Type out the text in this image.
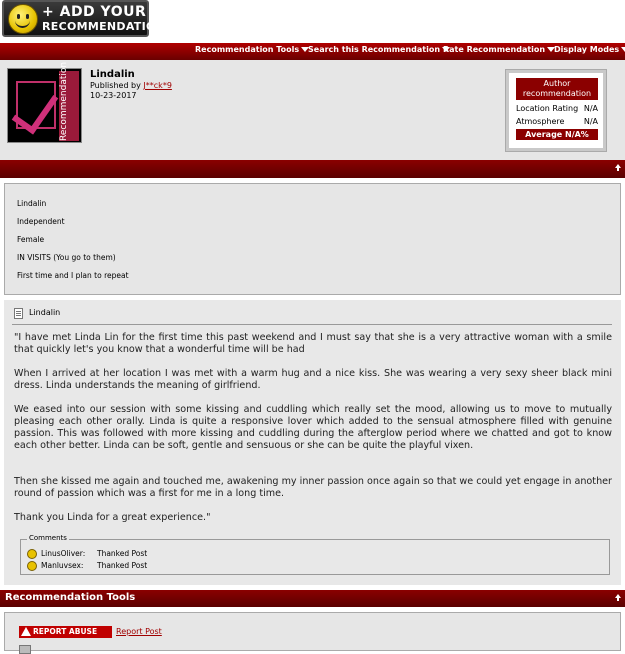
+ ADD YOUR
RECOMMENDATION
Recommendation Tools	Search this Recommendation Rate Recommendation	Display Modes
Recommendation	Lindalin
Published by J**ck*9
10-23-2017
Author recommendation
Location Rating N/A
Atmosphere N/A
Average N/A%
Lindalin
Independent
Female
IN VISITS (You go to them)
First time and I plan to repeat
Lindalin
"I have met Linda Lin for the first time this past weekend and I must say that she is a very attractive woman with a smile that quickly let's you know that a wonderful time will be had
When I arrived at her location I was met with a warm hug and a nice kiss. She was wearing a very sexy sheer black mini dress. Linda understands the meaning of girlfriend.
We eased into our session with some kissing and cuddling which really set the mood, allowing us to move to mutually pleasing each other orally. Linda is quite a responsive lover which added to the sensual atmosphere filled with genuine passion. This was followed with more kissing and cuddling during the afterglow period where we chatted and got to know each other better. Linda can be soft, gentle and sensuous or she can be quite the playful vixen.
Then she kissed me again and touched me, awakening my inner passion once again so that we could yet engage in another round of passion which was a first for me in a long time.
Thank you Linda for a great experience."
Comments
LinusOliver: Thanked Post
Manluvsex: Thanked Post
Recommendation Tools
REPORT ABUSE	Report Post
